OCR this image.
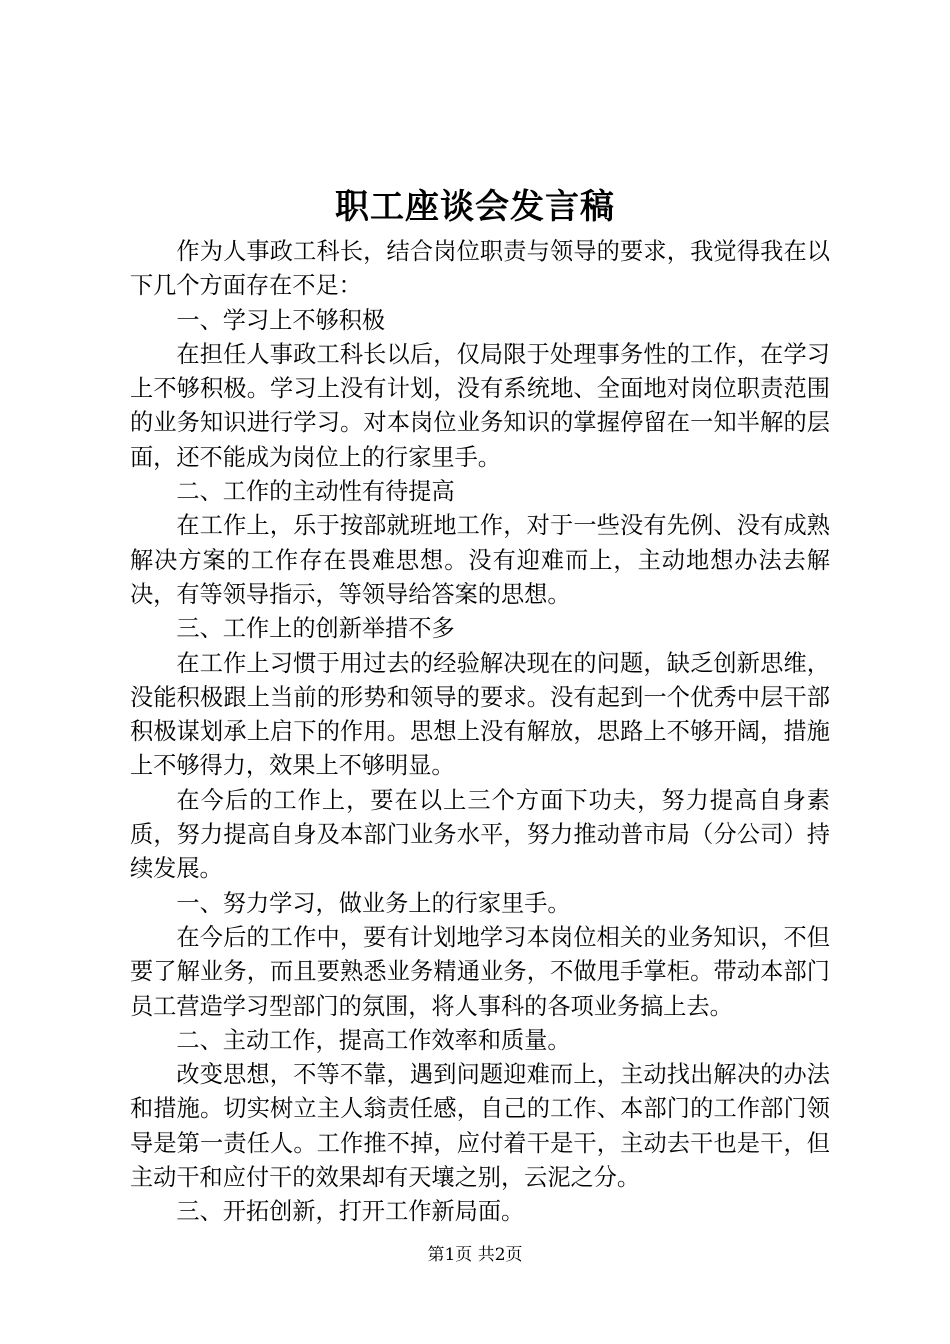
职工座谈会发言稿

作为人事政工科长，结合岗位职责与领导的要求，我觉得我在以下几个方面存在不足：

一、学习上不够积极

在担任人事政工科长以后，仅局限于处理事务性的工作，在学习上不够积极。学习上没有计划，没有系统地、全面地对岗位职责范围的业务知识进行学习。对本岗位业务知识的掌握停留在一知半解的层面，还不能成为岗位上的行家里手。

二、工作的主动性有待提高

在工作上，乐于按部就班地工作，对于一些没有先例、没有成熟解决方案的工作存在畏难思想。没有迎难而上，主动地想办法去解决，有等领导指示，等领导给答案的思想。

三、工作上的创新举措不多

在工作上习惯于用过去的经验解决现在的问题，缺乏创新思维，没能积极跟上当前的形势和领导的要求。没有起到一个优秀中层干部积极谋划承上启下的作用。思想上没有解放，思路上不够开阔，措施上不够得力，效果上不够明显。

在今后的工作上，要在以上三个方面下功夫，努力提高自身素质，努力提高自身及本部门业务水平，努力推动普市局（分公司）持续发展。

一、努力学习，做业务上的行家里手。

在今后的工作中，要有计划地学习本岗位相关的业务知识，不但要了解业务，而且要熟悉业务精通业务，不做甩手掌柜。带动本部门员工营造学习型部门的氛围，将人事科的各项业务搞上去。

二、主动工作，提高工作效率和质量。

改变思想，不等不靠，遇到问题迎难而上，主动找出解决的办法和措施。切实树立主人翁责任感，自己的工作、本部门的工作部门领导是第一责任人。工作推不掉，应付着干是干，主动去干也是干，但主动干和应付干的效果却有天壤之别，云泥之分。

三、开拓创新，打开工作新局面。

第1页 共2页
